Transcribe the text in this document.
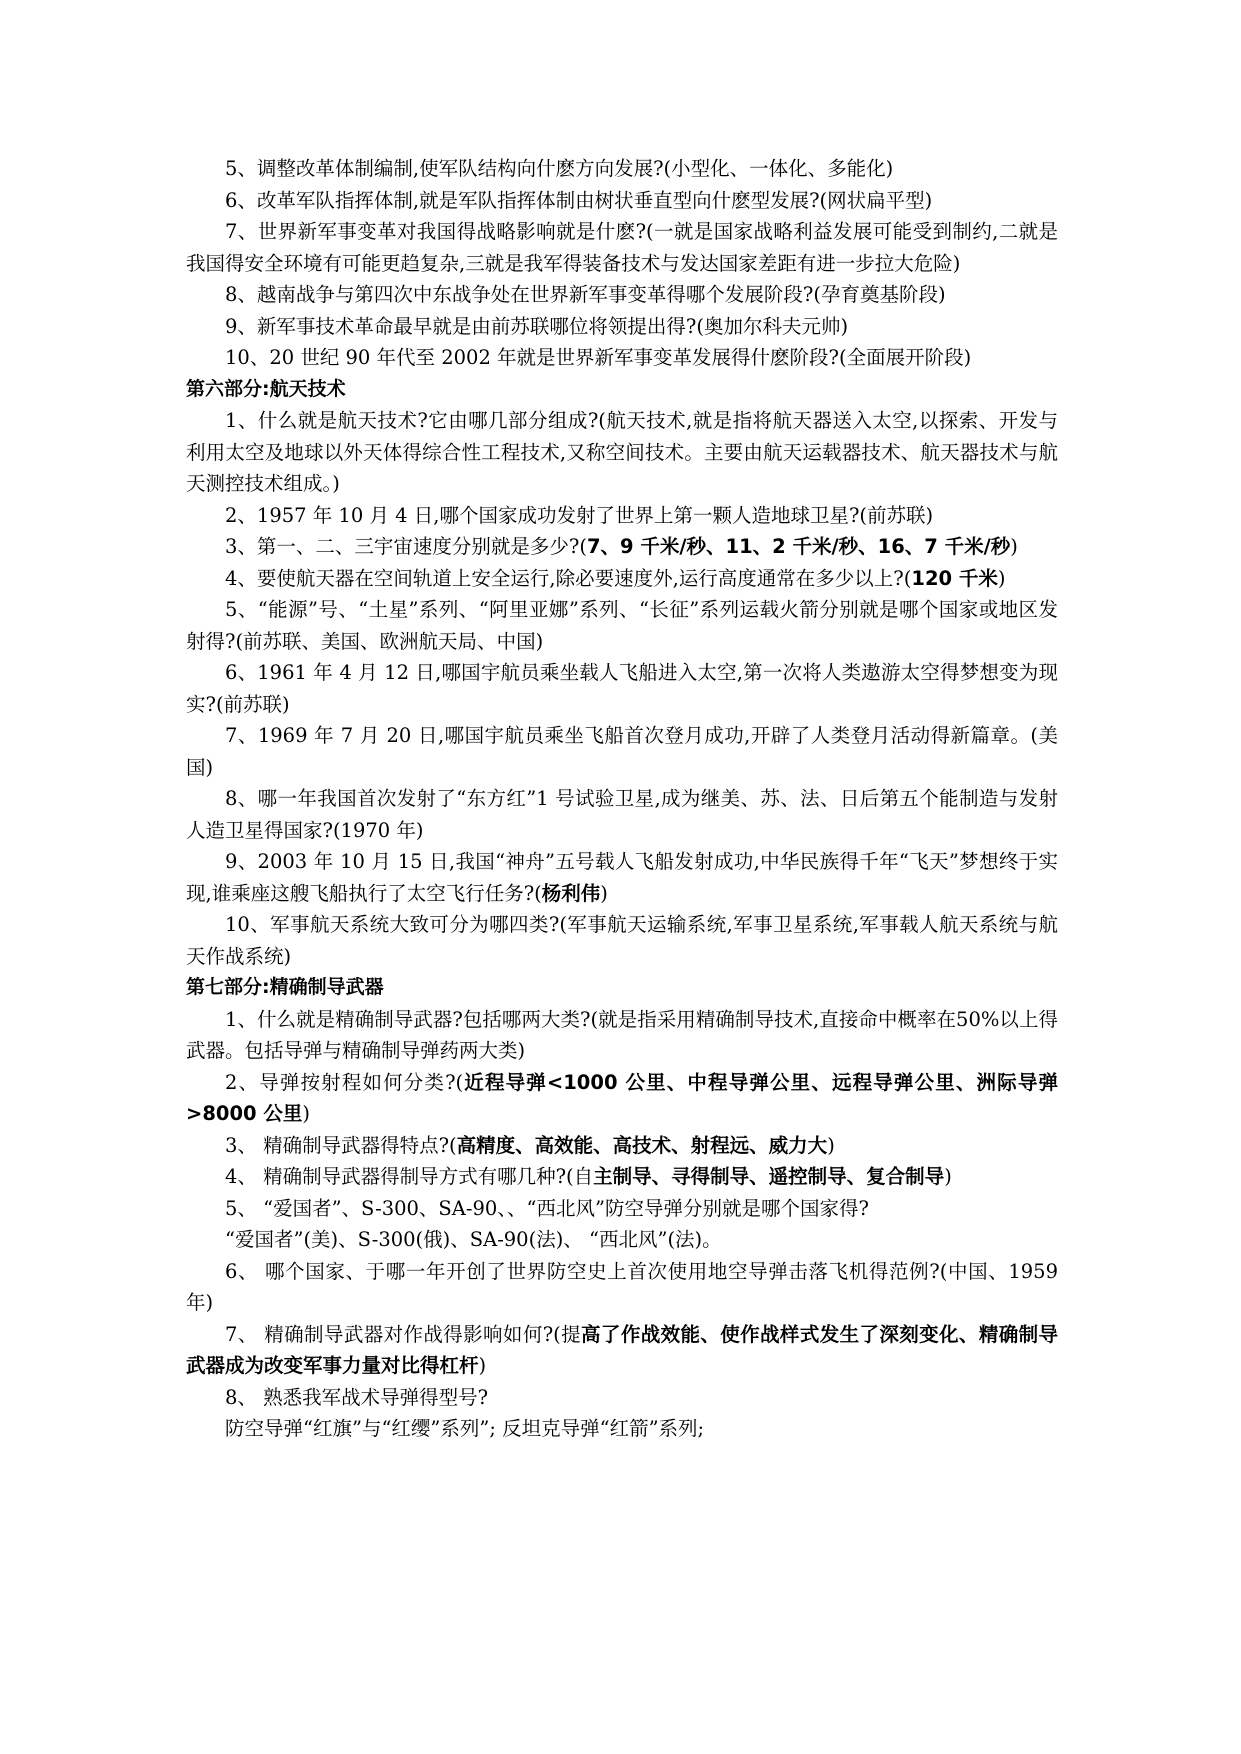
5、调整改革体制编制,使军队结构向什麽方向发展?(小型化、一体化、多能化)

6、改革军队指挥体制,就是军队指挥体制由树状垂直型向什麽型发展?(网状扁平型)

7、世界新军事变革对我国得战略影响就是什麽?(一就是国家战略利益发展可能受到制约,二就是我国得安全环境有可能更趋复杂,三就是我军得装备技术与发达国家差距有进一步拉大危险)

8、越南战争与第四次中东战争处在世界新军事变革得哪个发展阶段?(孕育奠基阶段)

9、新军事技术革命最早就是由前苏联哪位将领提出得?(奥加尔科夫元帅)

10、20 世纪 90 年代至 2002 年就是世界新军事变革发展得什麽阶段?(全面展开阶段)

第六部分:航天技术

1、什么就是航天技术?它由哪几部分组成?(航天技术,就是指将航天器送入太空,以探索、开发与利用太空及地球以外天体得综合性工程技术,又称空间技术。主要由航天运载器技术、航天器技术与航天测控技术组成。)

2、1957 年 10 月 4 日,哪个国家成功发射了世界上第一颗人造地球卫星?(前苏联)

3、第一、二、三宇宙速度分别就是多少?(7、9 千米/秒、11、2 千米/秒、16、7 千米/秒)

4、要使航天器在空间轨道上安全运行,除必要速度外,运行高度通常在多少以上?(120 千米)

5、“能源”号、“土星”系列、“阿里亚娜”系列、“长征”系列运载火箭分别就是哪个国家或地区发射得?(前苏联、美国、欧洲航天局、中国)

6、1961 年 4 月 12 日,哪国宇航员乘坐载人飞船进入太空,第一次将人类遨游太空得梦想变为现实?(前苏联)

7、1969 年 7 月 20 日,哪国宇航员乘坐飞船首次登月成功,开辟了人类登月活动得新篇章。(美国)

8、哪一年我国首次发射了“东方红”1 号试验卫星,成为继美、苏、法、日后第五个能制造与发射人造卫星得国家?(1970 年)

9、2003 年 10 月 15 日,我国“神舟”五号载人飞船发射成功,中华民族得千年“飞天”梦想终于实现,谁乘座这艘飞船执行了太空飞行任务?(杨利伟)

10、军事航天系统大致可分为哪四类?(军事航天运输系统,军事卫星系统,军事载人航天系统与航天作战系统)

第七部分:精确制导武器

1、什么就是精确制导武器?包括哪两大类?(就是指采用精确制导技术,直接命中概率在50%以上得武器。包括导弹与精确制导弹药两大类)

2、导弹按射程如何分类?(近程导弹<1000 公里、中程导弹公里、远程导弹公里、洲际导弹>8000 公里)

3、 精确制导武器得特点?(高精度、高效能、高技术、射程远、威力大)

4、 精确制导武器得制导方式有哪几种?(自主制导、寻得制导、遥控制导、复合制导)

5、 “爱国者”、S-300、SA-90、、“西北风”防空导弹分别就是哪个国家得?

“爱国者”(美)、S-300(俄)、SA-90(法)、 “西北风”(法)。

6、 哪个国家、于哪一年开创了世界防空史上首次使用地空导弹击落飞机得范例?(中国、1959 年)

7、 精确制导武器对作战得影响如何?(提高了作战效能、使作战样式发生了深刻变化、精确制导武器成为改变军事力量对比得杠杆)

8、 熟悉我军战术导弹得型号?

防空导弹“红旗”与“红缨”系列”; 反坦克导弹“红箭”系列;
